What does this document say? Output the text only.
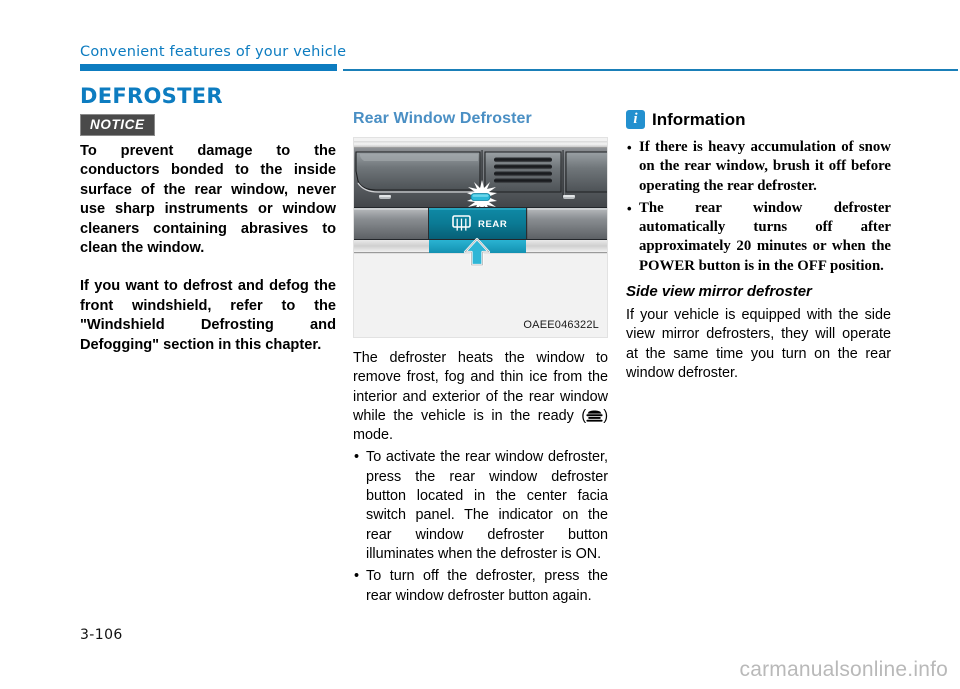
Convenient features of your vehicle
DEFROSTER
NOTICE

To prevent damage to the conductors bonded to the inside surface of the rear window, never use sharp instruments or window cleaners containing abrasives to clean the window.

If you want to defrost and defog the front windshield, refer to the "Windshield Defrosting and Defogging" section in this chapter.

Rear Window Defroster
REAR
OAEE046322L

The defroster heats the window to remove frost, fog and thin ice from the interior and exterior of the rear window while the vehicle is in the ready ( ) mode.

• To activate the rear window defroster, press the rear window defroster button located in the center facia switch panel. The indicator on the rear window defroster button illuminates when the defroster is ON.
• To turn off the defroster, press the rear window defroster button again.
i Information
• If there is heavy accumulation of snow on the rear window, brush it off before operating the rear defroster.
• The rear window defroster automatically turns off after approximately 20 minutes or when the POWER button is in the OFF position.
Side view mirror defroster

If your vehicle is equipped with the side view mirror defrosters, they will operate at the same time you turn on the rear window defroster.

3-106
carmanualsonline.info
